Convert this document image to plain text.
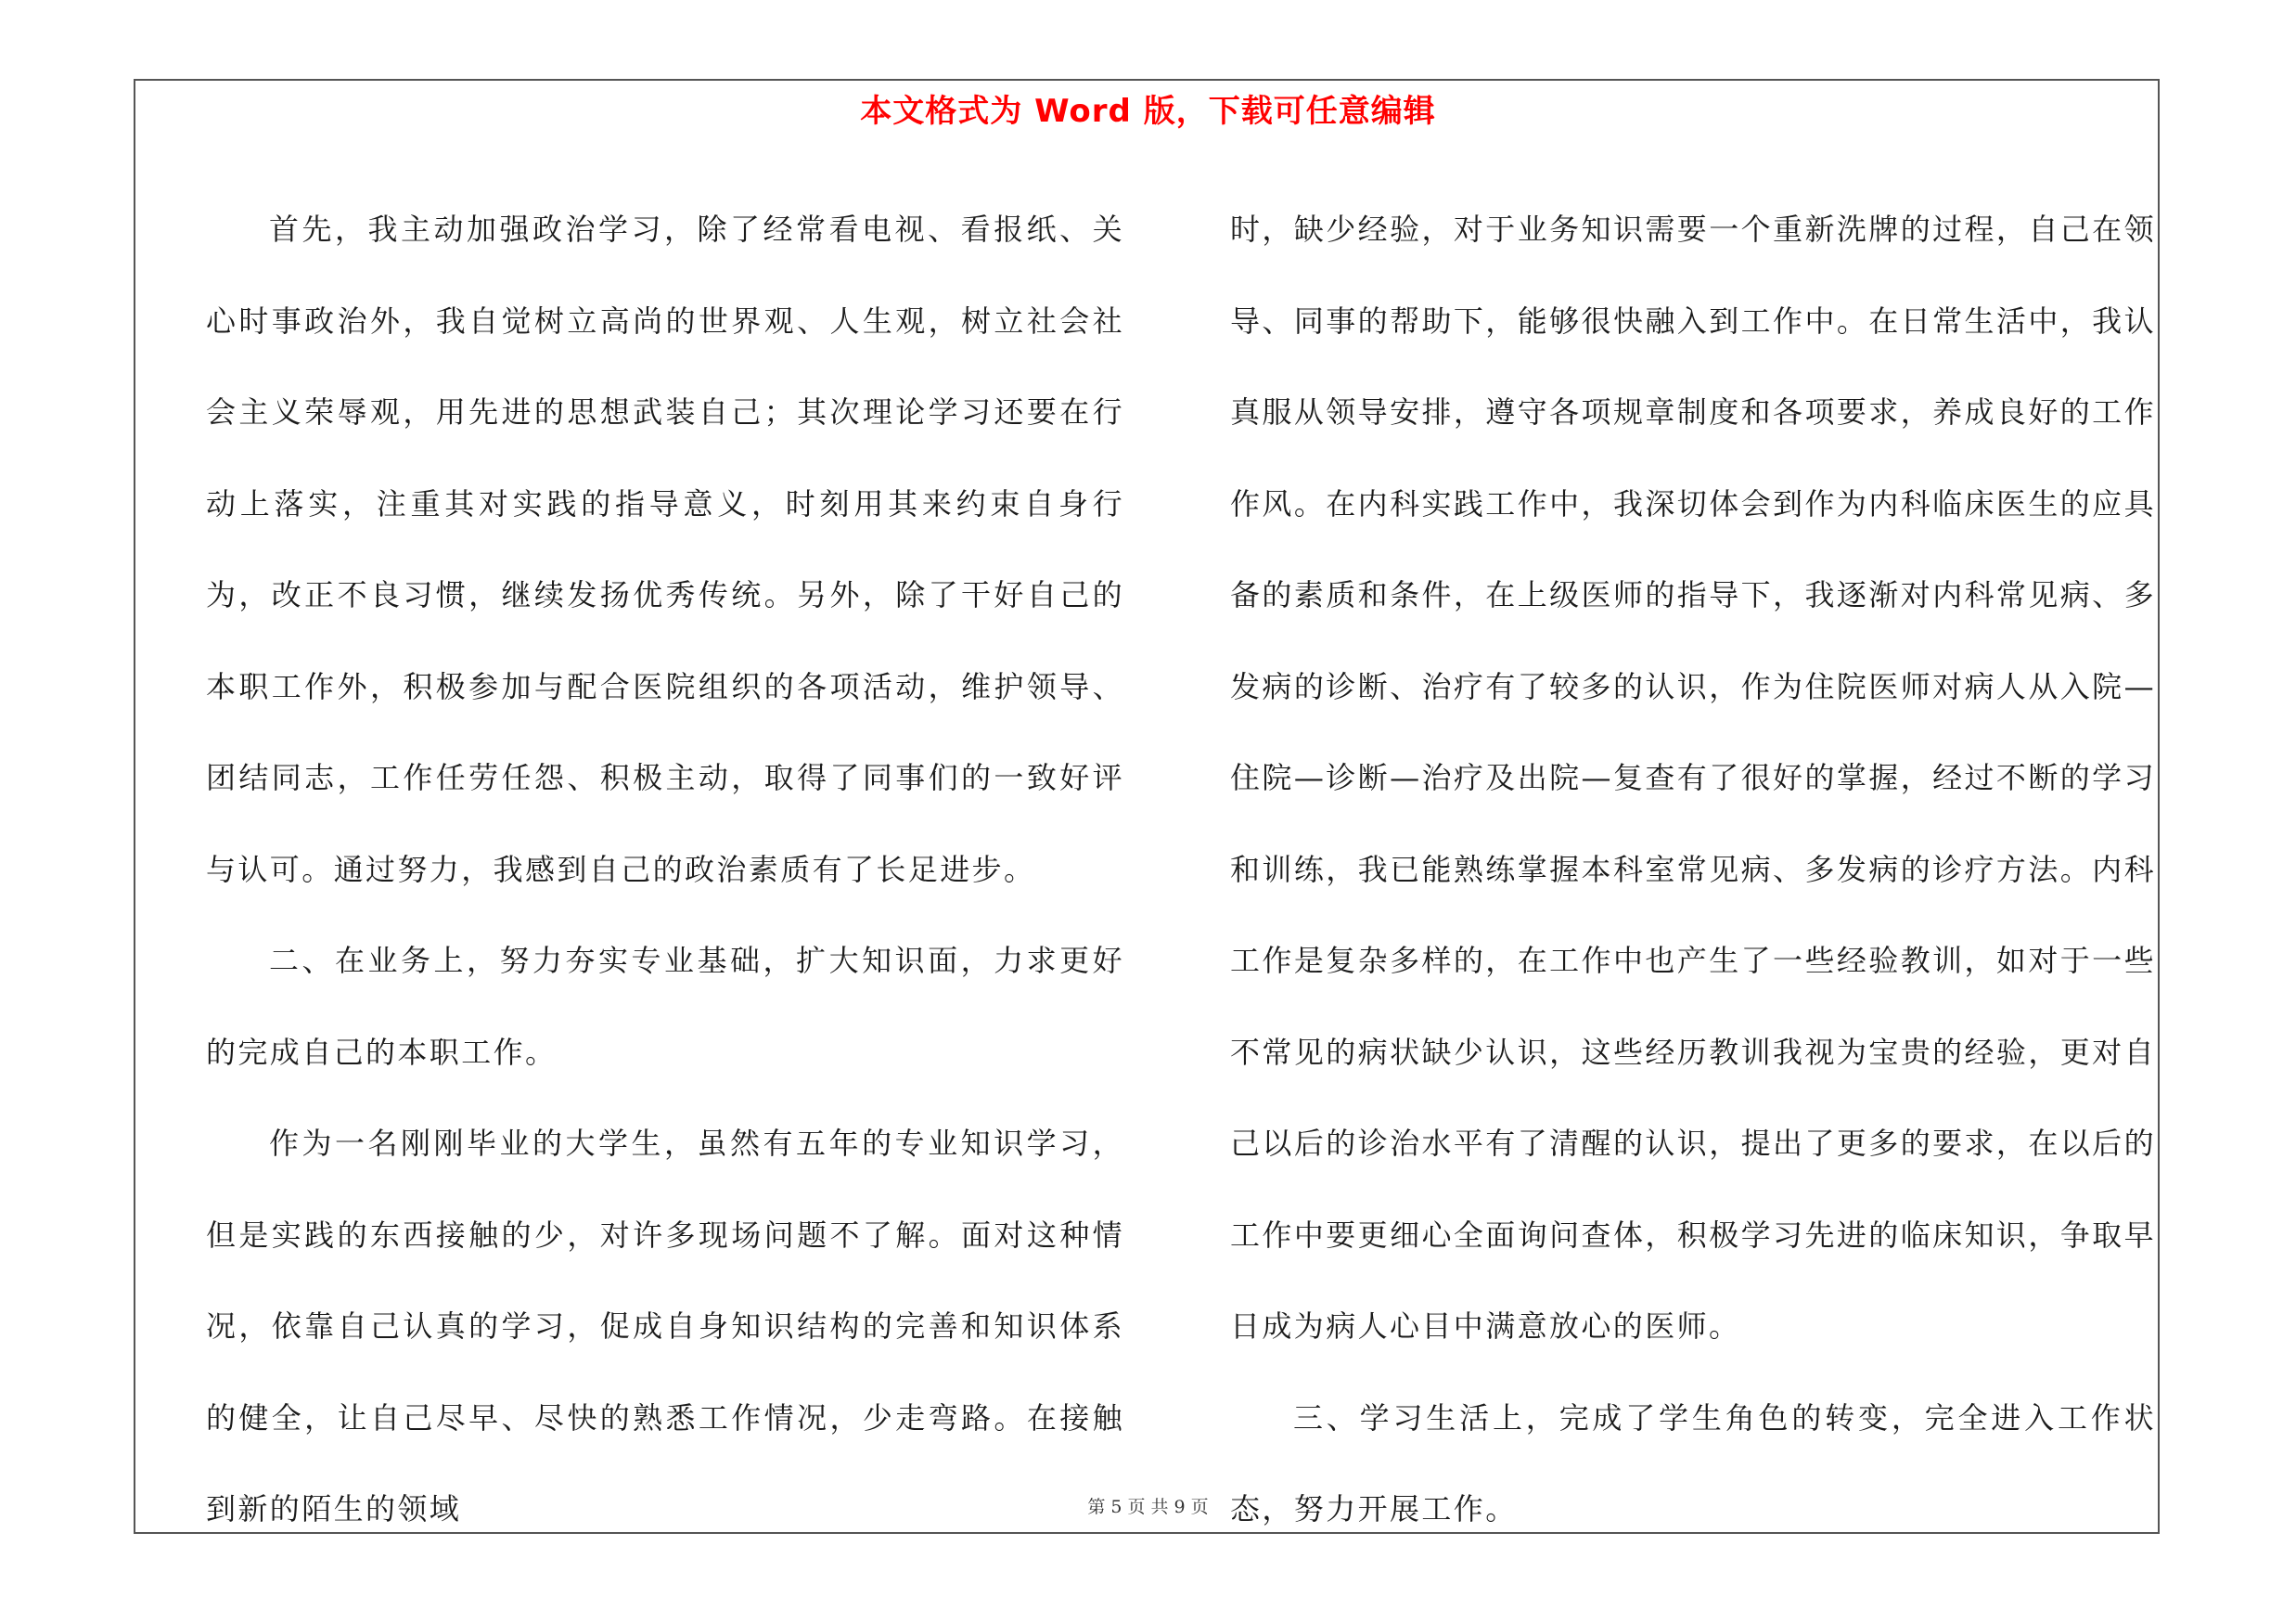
本文格式为 Word 版，下载可任意编辑

首先，我主动加强政治学习，除了经常看电视、看报纸、关心时事政治外，我自觉树立高尚的世界观、人生观，树立社会社会主义荣辱观，用先进的思想武装自己；其次理论学习还要在行动上落实，注重其对实践的指导意义，时刻用其来约束自身行为，改正不良习惯，继续发扬优秀传统。另外，除了干好自己的本职工作外，积极参加与配合医院组织的各项活动，维护领导、团结同志，工作任劳任怨、积极主动，取得了同事们的一致好评与认可。通过努力，我感到自己的政治素质有了长足进步。

二、在业务上，努力夯实专业基础，扩大知识面，力求更好的完成自己的本职工作。

作为一名刚刚毕业的大学生，虽然有五年的专业知识学习，但是实践的东西接触的少，对许多现场问题不了解。面对这种情况，依靠自己认真的学习，促成自身知识结构的完善和知识体系的健全，让自己尽早、尽快的熟悉工作情况，少走弯路。在接触到新的陌生的领域

时，缺少经验，对于业务知识需要一个重新洗牌的过程，自己在领导、同事的帮助下，能够很快融入到工作中。在日常生活中，我认真服从领导安排，遵守各项规章制度和各项要求，养成良好的工作作风。在内科实践工作中，我深切体会到作为内科临床医生的应具备的素质和条件，在上级医师的指导下，我逐渐对内科常见病、多发病的诊断、治疗有了较多的认识，作为住院医师对病人从入院—住院—诊断—治疗及出院—复查有了很好的掌握，经过不断的学习和训练，我已能熟练掌握本科室常见病、多发病的诊疗方法。内科工作是复杂多样的，在工作中也产生了一些经验教训，如对于一些不常见的病状缺少认识，这些经历教训我视为宝贵的经验，更对自己以后的诊治水平有了清醒的认识，提出了更多的要求，在以后的工作中要更细心全面询问查体，积极学习先进的临床知识，争取早日成为病人心目中满意放心的医师。

三、学习生活上，完成了学生角色的转变，完全进入工作状态，努力开展工作。

第 5 页 共 9 页
